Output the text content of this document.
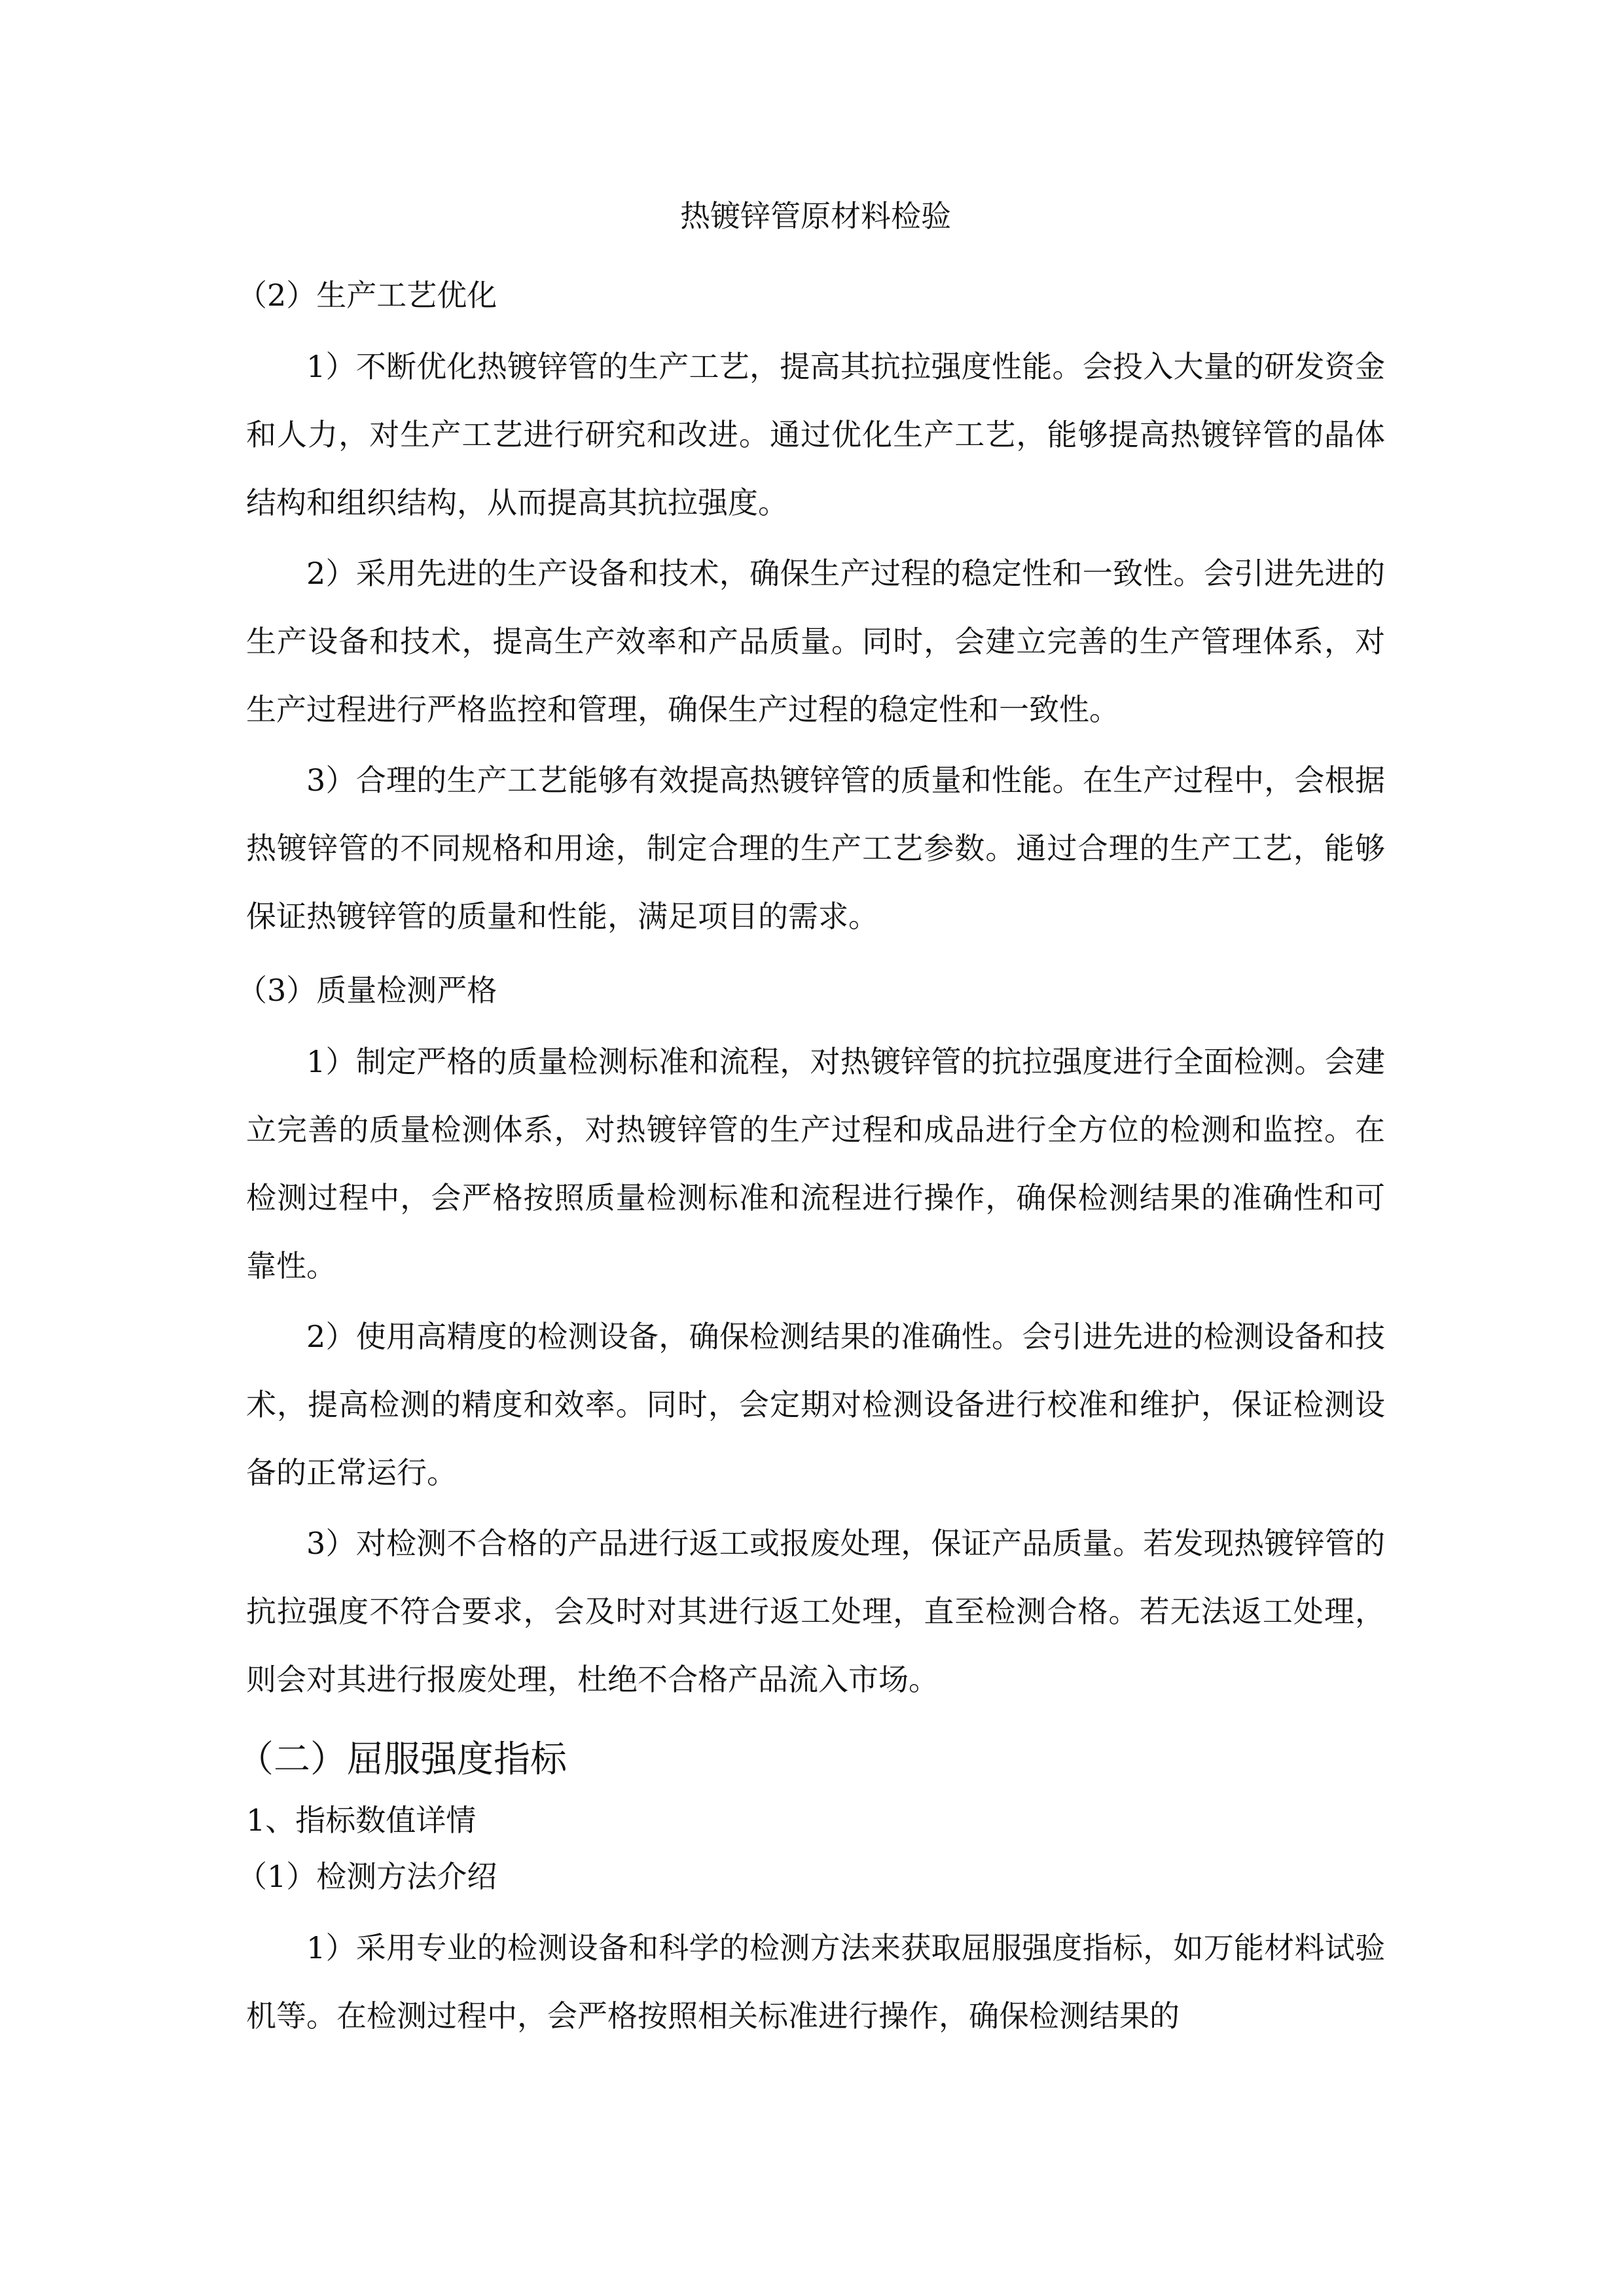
热镀锌管原材料检验
（2）生产工艺优化

1）不断优化热镀锌管的生产工艺，提高其抗拉强度性能。会投入大量的研发资金和人力，对生产工艺进行研究和改进。通过优化生产工艺，能够提高热镀锌管的晶体结构和组织结构，从而提高其抗拉强度。

2）采用先进的生产设备和技术，确保生产过程的稳定性和一致性。会引进先进的生产设备和技术，提高生产效率和产品质量。同时，会建立完善的生产管理体系，对生产过程进行严格监控和管理，确保生产过程的稳定性和一致性。

3）合理的生产工艺能够有效提高热镀锌管的质量和性能。在生产过程中，会根据热镀锌管的不同规格和用途，制定合理的生产工艺参数。通过合理的生产工艺，能够保证热镀锌管的质量和性能，满足项目的需求。

（3）质量检测严格

1）制定严格的质量检测标准和流程，对热镀锌管的抗拉强度进行全面检测。会建立完善的质量检测体系，对热镀锌管的生产过程和成品进行全方位的检测和监控。在检测过程中，会严格按照质量检测标准和流程进行操作，确保检测结果的准确性和可靠性。

2）使用高精度的检测设备，确保检测结果的准确性。会引进先进的检测设备和技术，提高检测的精度和效率。同时，会定期对检测设备进行校准和维护，保证检测设备的正常运行。

3）对检测不合格的产品进行返工或报废处理，保证产品质量。若发现热镀锌管的抗拉强度不符合要求，会及时对其进行返工处理，直至检测合格。若无法返工处理，则会对其进行报废处理，杜绝不合格产品流入市场。

（二）屈服强度指标
1、指标数值详情
（1）检测方法介绍

1）采用专业的检测设备和科学的检测方法来获取屈服强度指标，如万能材料试验机等。在检测过程中，会严格按照相关标准进行操作，确保检测结果的
